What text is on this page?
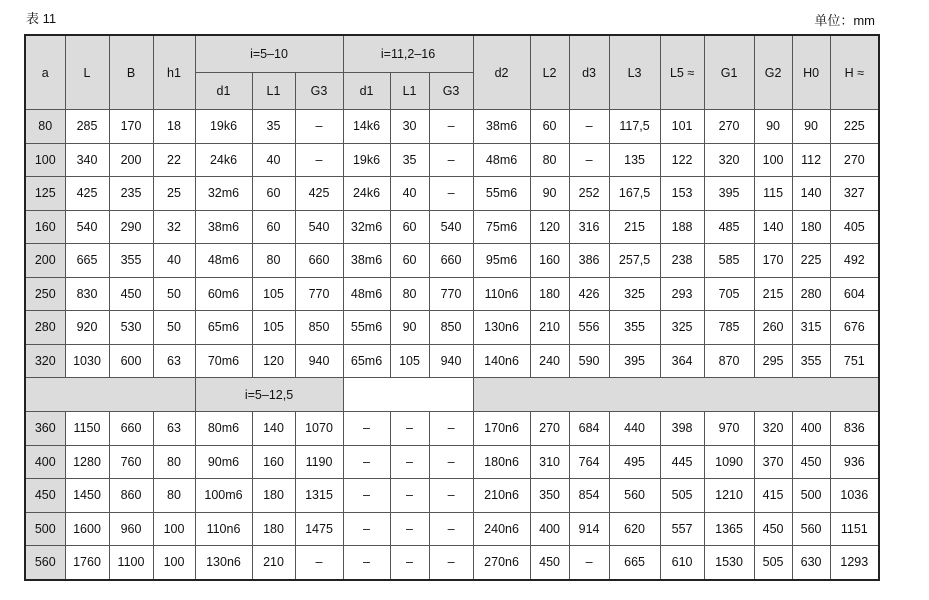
表 11	单位：mm
a	L	B	h1	i=5–10			i=11,2–16			d2	L2	d3	L3	L5 ≈	G1	G2	H0	H ≈
				d1	L1	G3	d1	L1	G3									
80	285	170	18	19k6	35	–	14k6	30	–	38m6	60	–	117,5	101	270	90	90	225
100	340	200	22	24k6	40	–	19k6	35	–	48m6	80	–	135	122	320	100	112	270
125	425	235	25	32m6	60	425	24k6	40	–	55m6	90	252	167,5	153	395	115	140	327
160	540	290	32	38m6	60	540	32m6	60	540	75m6	120	316	215	188	485	140	180	405
200	665	355	40	48m6	80	660	38m6	60	660	95m6	160	386	257,5	238	585	170	225	492
250	830	450	50	60m6	105	770	48m6	80	770	110n6	180	426	325	293	705	215	280	604
280	920	530	50	65m6	105	850	55m6	90	850	130n6	210	556	355	325	785	260	315	676
320	1030	600	63	70m6	120	940	65m6	105	940	140n6	240	590	395	364	870	295	355	751
				i=5–12,5														
360	1150	660	63	80m6	140	1070	–	–	–	170n6	270	684	440	398	970	320	400	836
400	1280	760	80	90m6	160	1190	–	–	–	180n6	310	764	495	445	1090	370	450	936
450	1450	860	80	100m6	180	1315	–	–	–	210n6	350	854	560	505	1210	415	500	1036
500	1600	960	100	110n6	180	1475	–	–	–	240n6	400	914	620	557	1365	450	560	1151
560	1760	1100	100	130n6	210	–	–	–	–	270n6	450	–	665	610	1530	505	630	1293
